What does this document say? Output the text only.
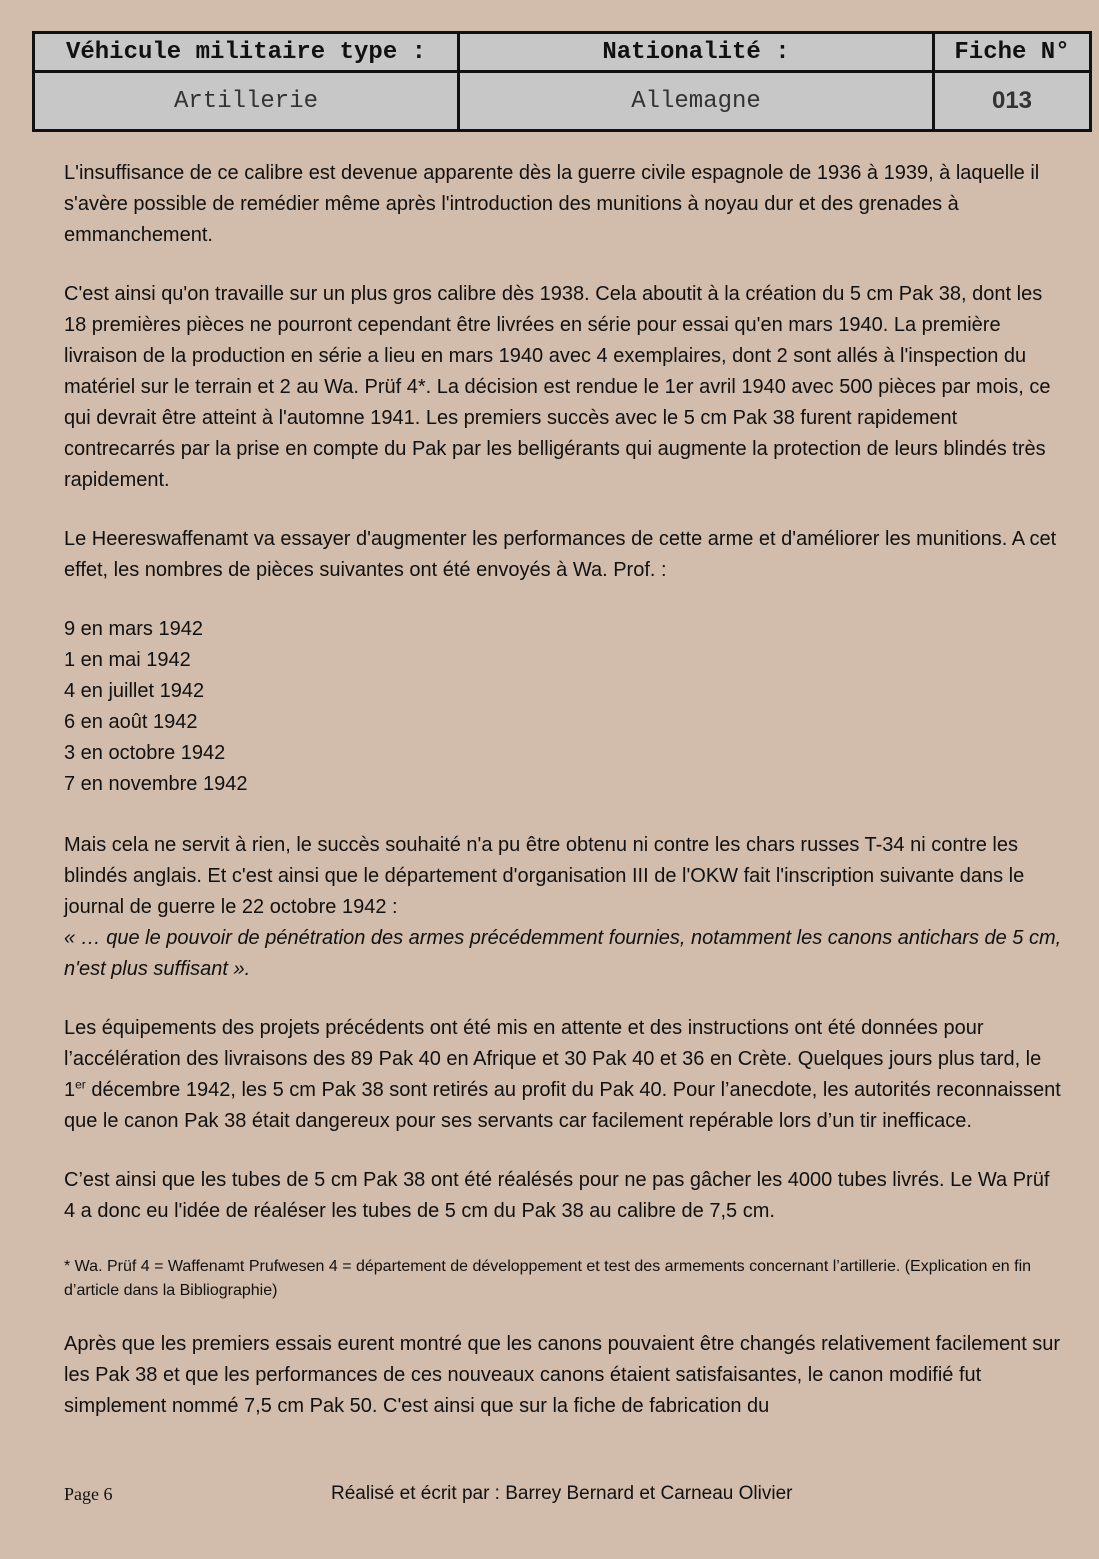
Véhicule militaire type :	Nationalité :	Fiche N°
Artillerie	Allemagne	013

L'insuffisance de ce calibre est devenue apparente dès la guerre civile espagnole de 1936 à 1939, à laquelle il s'avère possible de remédier même après l'introduction des munitions à noyau dur et des grenades à emmanchement.

C'est ainsi qu'on travaille sur un plus gros calibre dès 1938. Cela aboutit à la création du 5 cm Pak 38, dont les 18 premières pièces ne pourront cependant être livrées en série pour essai qu'en mars 1940. La première livraison de la production en série a lieu en mars 1940 avec 4 exemplaires, dont 2 sont allés à l'inspection du matériel sur le terrain et 2 au Wa. Prüf 4*. La décision est rendue le 1er avril 1940 avec 500 pièces par mois, ce qui devrait être atteint à l'automne 1941. Les premiers succès avec le 5 cm Pak 38 furent rapidement contrecarrés par la prise en compte du Pak par les belligérants qui augmente la protection de leurs blindés très rapidement.

Le Heereswaffenamt va essayer d'augmenter les performances de cette arme et d'améliorer les munitions. A cet effet, les nombres de pièces suivantes ont été envoyés à Wa. Prof. :

9 en mars 1942
1 en mai 1942
4 en juillet 1942
6 en août 1942
3 en octobre 1942
7 en novembre 1942

Mais cela ne servit à rien, le succès souhaité n'a pu être obtenu ni contre les chars russes T-34 ni contre les blindés anglais. Et c'est ainsi que le département d'organisation III de l'OKW fait l'inscription suivante dans le journal de guerre le 22 octobre 1942 :
« … que le pouvoir de pénétration des armes précédemment fournies, notamment les canons antichars de 5 cm, n'est plus suffisant ».

Les équipements des projets précédents ont été mis en attente et des instructions ont été données pour l’accélération des livraisons des 89 Pak 40 en Afrique et 30 Pak 40 et 36 en Crète. Quelques jours plus tard, le 1er décembre 1942, les 5 cm Pak 38 sont retirés au profit du Pak 40. Pour l’anecdote, les autorités reconnaissent que le canon Pak 38 était dangereux pour ses servants car facilement repérable lors d’un tir inefficace.

C’est ainsi que les tubes de 5 cm Pak 38 ont été réalésés pour ne pas gâcher les 4000 tubes livrés. Le Wa Prüf 4 a donc eu l'idée de réaléser les tubes de 5 cm du Pak 38 au calibre de 7,5 cm.

* Wa. Prüf 4 = Waffenamt Prufwesen 4 = département de développement et test des armements concernant l’artillerie. (Explication en fin d’article dans la Bibliographie)

Après que les premiers essais eurent montré que les canons pouvaient être changés relativement facilement sur les Pak 38 et que les performances de ces nouveaux canons étaient satisfaisantes, le canon modifié fut simplement nommé 7,5 cm Pak 50. C'est ainsi que sur la fiche de fabrication du

Page 6	Réalisé et écrit par : Barrey Bernard et Carneau Olivier
